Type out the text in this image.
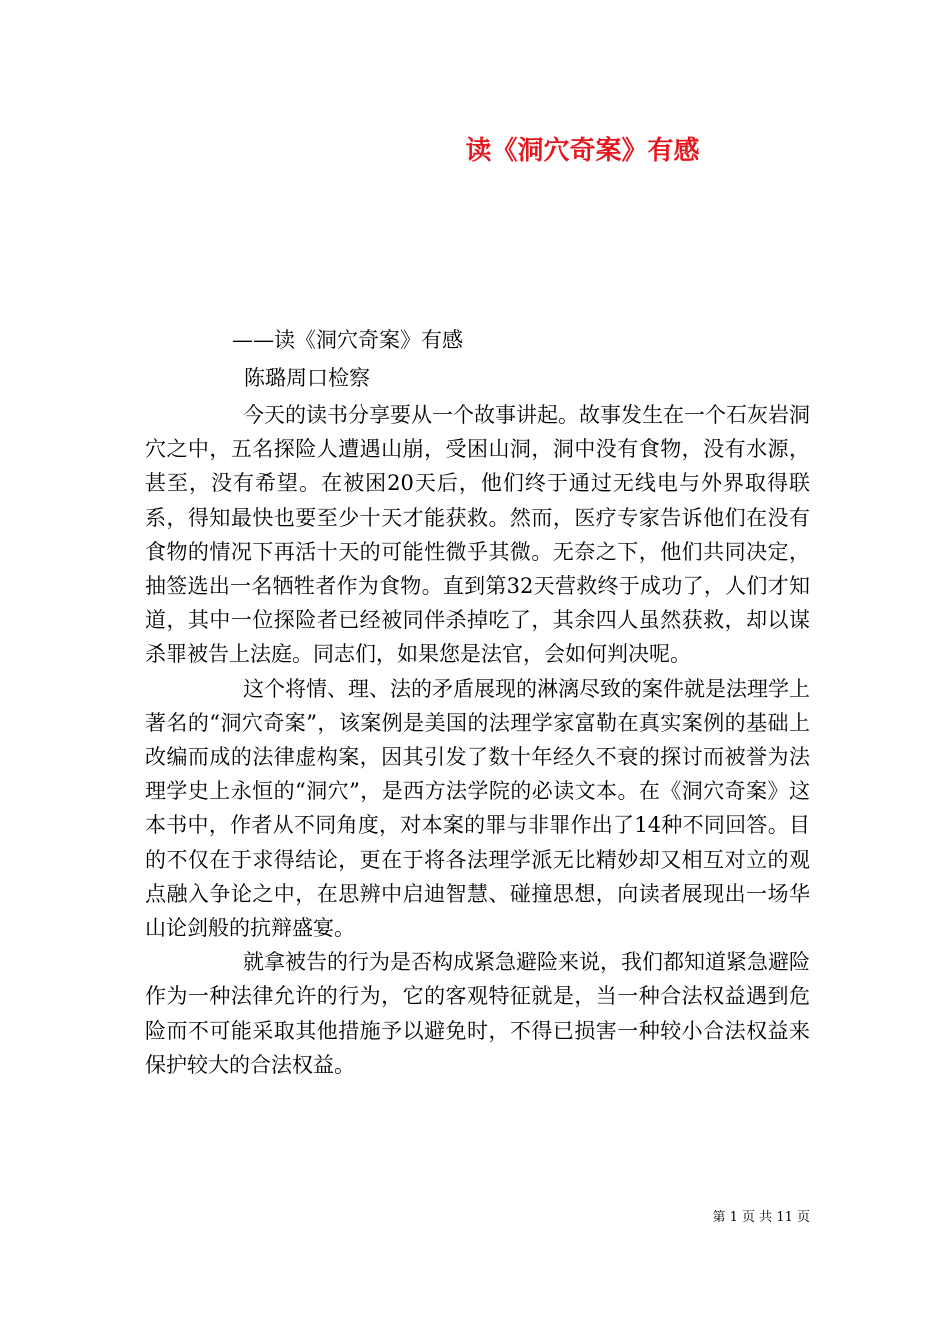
读《洞穴奇案》有感
——读《洞穴奇案》有感
陈璐周口检察

今天的读书分享要从一个故事讲起。故事发生在一个石灰岩洞穴之中，五名探险人遭遇山崩，受困山洞，洞中没有食物，没有水源，甚至，没有希望。在被困20天后，他们终于通过无线电与外界取得联系，得知最快也要至少十天才能获救。然而，医疗专家告诉他们在没有食物的情况下再活十天的可能性微乎其微。无奈之下，他们共同决定，抽签选出一名牺牲者作为食物。直到第32天营救终于成功了，人们才知道，其中一位探险者已经被同伴杀掉吃了，其余四人虽然获救，却以谋杀罪被告上法庭。同志们，如果您是法官，会如何判决呢。

这个将情、理、法的矛盾展现的淋漓尽致的案件就是法理学上著名的“洞穴奇案”，该案例是美国的法理学家富勒在真实案例的基础上改编而成的法律虚构案，因其引发了数十年经久不衰的探讨而被誉为法理学史上永恒的“洞穴”，是西方法学院的必读文本。在《洞穴奇案》这本书中，作者从不同角度，对本案的罪与非罪作出了14种不同回答。目的不仅在于求得结论，更在于将各法理学派无比精妙却又相互对立的观点融入争论之中，在思辨中启迪智慧、碰撞思想，向读者展现出一场华山论剑般的抗辩盛宴。

就拿被告的行为是否构成紧急避险来说，我们都知道紧急避险作为一种法律允许的行为，它的客观特征就是，当一种合法权益遇到危险而不可能采取其他措施予以避免时，不得已损害一种较小合法权益来保护较大的合法权益。

第 1 页 共 11 页
